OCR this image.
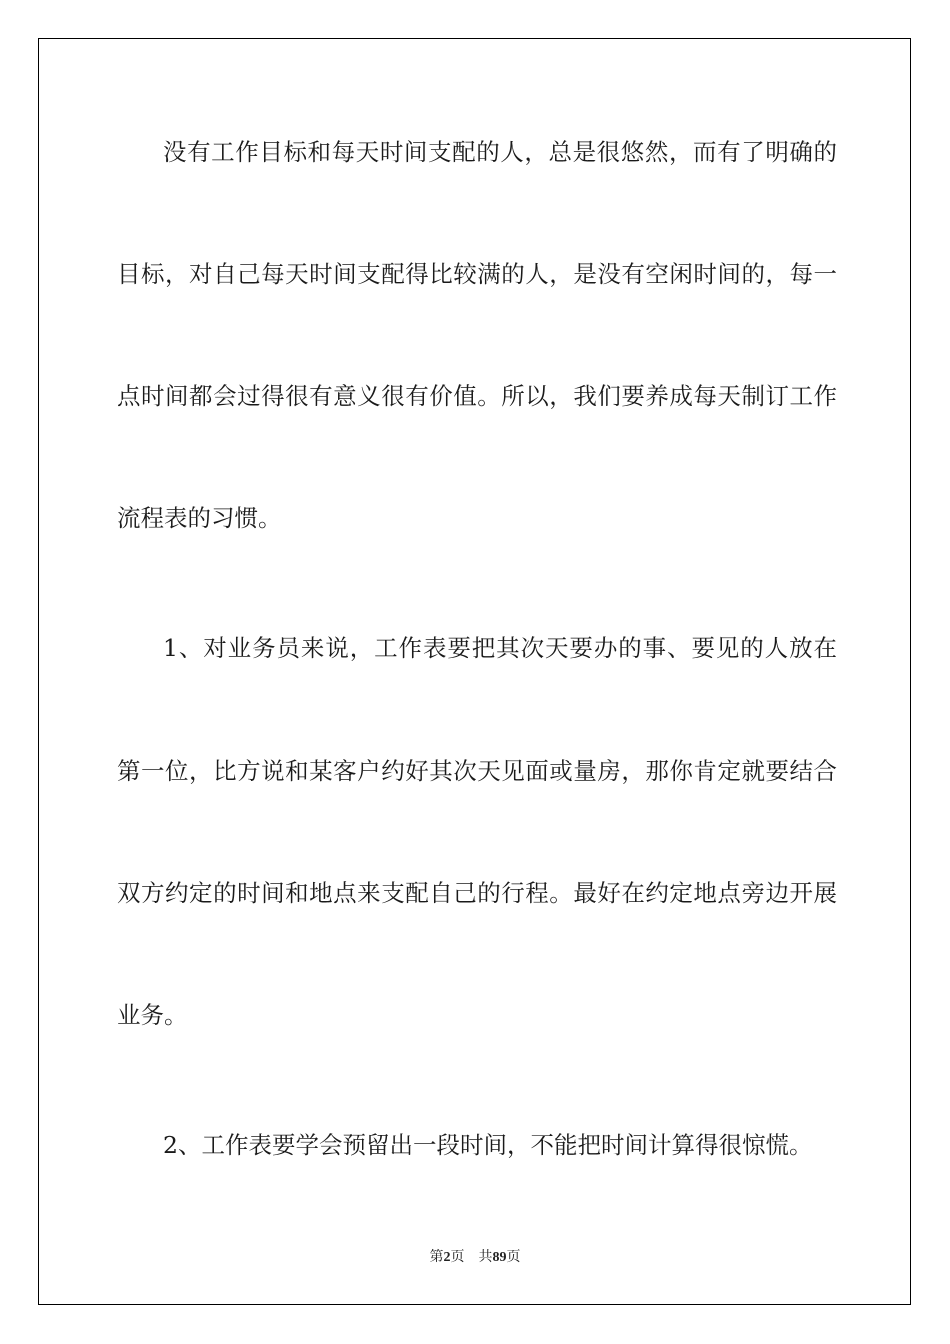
没有工作目标和每天时间支配的人，总是很悠然，而有了明确的

目标，对自己每天时间支配得比较满的人，是没有空闲时间的，每一

点时间都会过得很有意义很有价值。所以，我们要养成每天制订工作

流程表的习惯。

1、对业务员来说，工作表要把其次天要办的事、要见的人放在

第一位，比方说和某客户约好其次天见面或量房，那你肯定就要结合

双方约定的时间和地点来支配自己的行程。最好在约定地点旁边开展

业务。

2、工作表要学会预留出一段时间，不能把时间计算得很惊慌。

第2页 共89页
